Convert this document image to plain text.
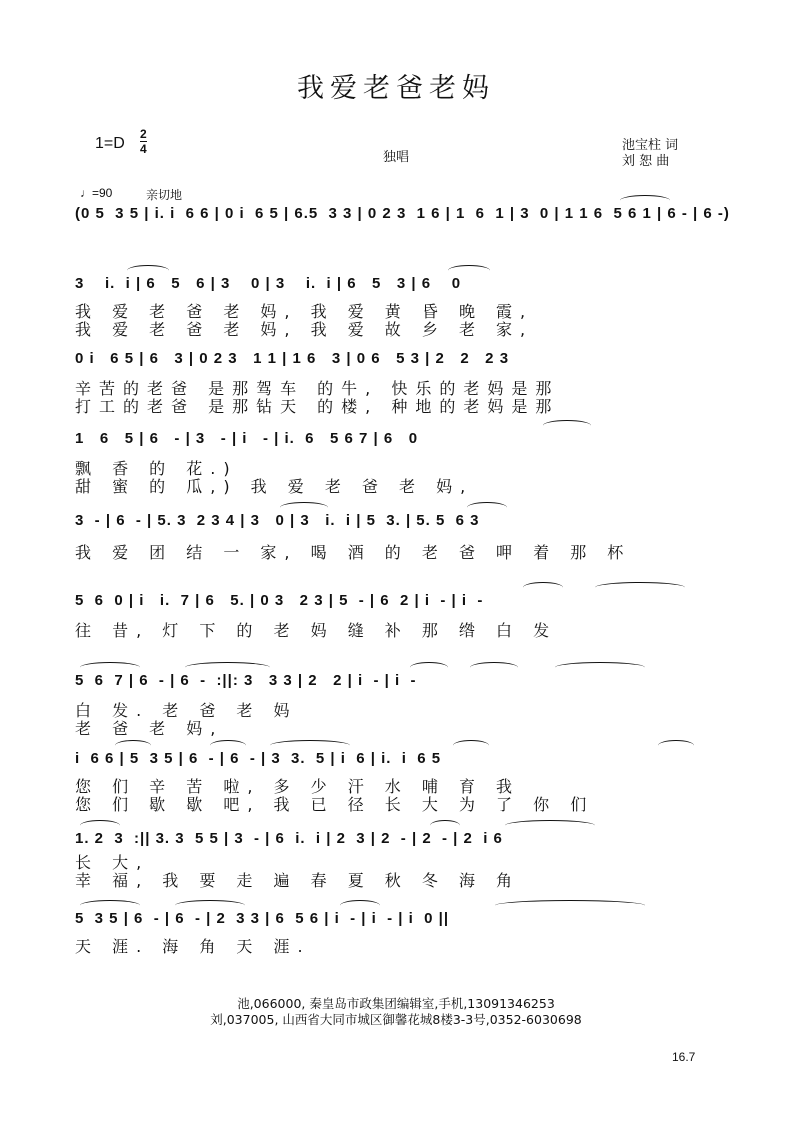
我爱老爸老妈
1=D
2
4
独唱
池宝柱 词
刘 恕 曲
♩=90	亲切地
(0 5  3 5 | i. i  6 6 | 0 i  6 5 | 6.5  3 3 | 0 2 3  1 6 | 1  6  1 | 3  0 | 1 1 6  5 6 1 | 6 - | 6 -)
3    i.  i | 6   5   6 | 3    0 | 3    i.  i | 6   5   3 | 6    0
我 爱 老 爸 老 妈, 我 爱 黄 昏 晚 霞,
我 爱 老 爸 老 妈, 我 爱 故 乡 老 家,
0 i   6 5 | 6   3 | 0 2 3   1 1 | 1 6   3 | 0 6   5 3 | 2   2   2 3
辛苦的老爸 是那驾车 的牛, 快乐的老妈是那
打工的老爸 是那钻天 的楼, 种地的老妈是那
1   6   5 | 6   - | 3   - | i   - | i.  6   5 6 7 | 6   0
飘 香 的 花.)
甜 蜜 的 瓜,) 我 爱 老 爸 老 妈,
3  - | 6  - | 5. 3  2 3 4 | 3   0 | 3   i.  i | 5  3. | 5. 5  6 3
我 爱 团 结 一 家, 喝 酒 的 老 爸 呷 着 那 杯
5  6  0 | i   i.  7 | 6   5. | 0 3   2 3 | 5  - | 6  2 | i  - | i  -
往 昔, 灯 下 的 老 妈 缝 补 那 绺 白 发
5  6  7 | 6  - | 6  -  :||: 3   3 3 | 2   2 | i  - | i  -
白 发. 老 爸 老 妈
老 爸 老 妈,
i  6 6 | 5  3 5 | 6  - | 6  - | 3  3.  5 | i  6 | i.  i  6 5
您 们 辛 苦 啦, 多 少 汗 水 哺 育 我
您 们 歇 歇 吧, 我 已 径 长 大 为 了 你 们
1. 2  3  :|| 3. 3  5 5 | 3  - | 6  i.  i | 2  3 | 2  - | 2  - | 2  i 6
长 大,
幸 福, 我 要 走 遍 春 夏 秋 冬 海 角
5  3 5 | 6  - | 6  - | 2  3 3 | 6  5 6 | i  - | i  - | i  0 ||
天 涯. 海 角 天 涯.
池,066000, 秦皇岛市政集团编辑室,手机,13091346253
刘,037005, 山西省大同市城区御馨花城8楼3-3号,0352-6030698
16.7
